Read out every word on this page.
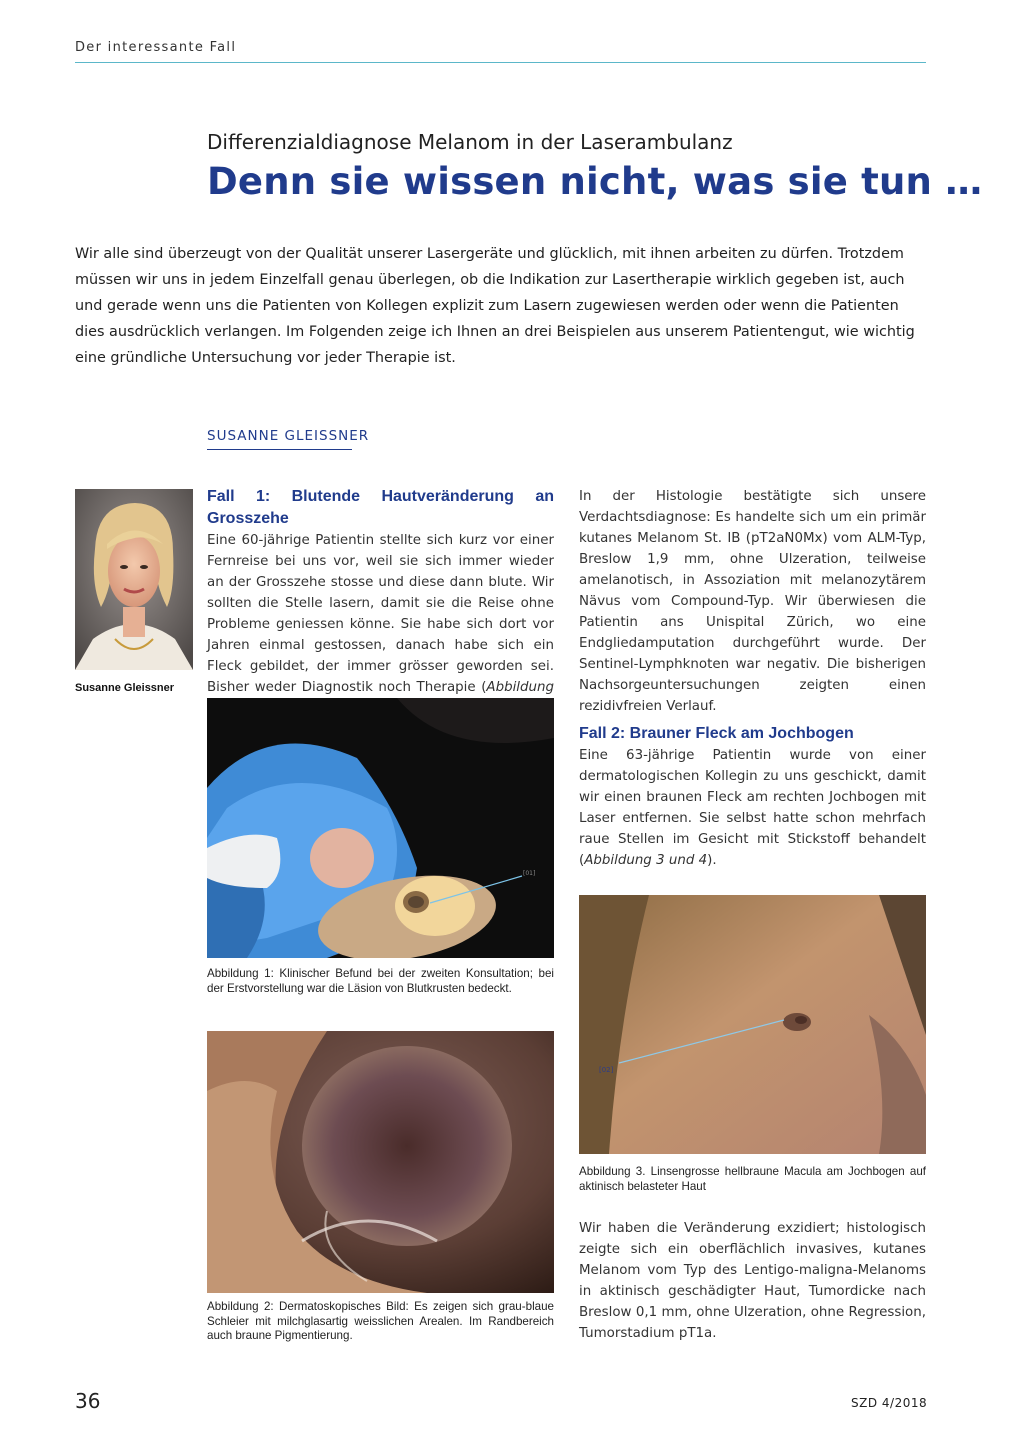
Der interessante Fall
Differenzialdiagnose Melanom in der Laserambulanz
Denn sie wissen nicht, was sie tun …
Wir alle sind überzeugt von der Qualität unserer Lasergeräte und glücklich, mit ihnen arbeiten zu dürfen. Trotzdem müssen wir uns in jedem Einzelfall genau überlegen, ob die Indikation zur Lasertherapie wirklich gegeben ist, auch und gerade wenn uns die Patienten von Kollegen explizit zum Lasern zugewiesen werden oder wenn die Patienten dies ausdrücklich verlangen. Im Folgenden zeige ich Ihnen an drei Beispielen aus unserem Patientengut, wie wichtig eine gründliche Untersuchung vor jeder Therapie ist.
SUSANNE GLEISSNER
Susanne Gleissner
Fall 1: Blutende Hautveränderung an Grosszehe
Eine 60-jährige Patientin stellte sich kurz vor einer Fernreise bei uns vor, weil sie sich immer wieder an der Grosszehe stosse und diese dann blute. Wir sollten die Stelle lasern, damit sie die Reise ohne Probleme geniessen könne. Sie habe sich dort vor Jahren einmal gestossen, danach habe sich ein Fleck gebildet, der immer grösser geworden sei. Bisher weder Diagnostik noch Therapie (Abbildung
[01]
Abbildung 1: Klinischer Befund bei der zweiten Konsultation; bei der Erstvorstellung war die Läsion von Blutkrusten bedeckt.
Abbildung 2: Dermatoskopisches Bild: Es zeigen sich grau-blaue Schleier mit milchglasartig weisslichen Arealen. Im Randbereich auch braune Pigmentierung.
In der Histologie bestätigte sich unsere Verdachtsdiagnose: Es handelte sich um ein primär kutanes Melanom St. IB (pT2aN0Mx) vom ALM-Typ, Breslow 1,9 mm, ohne Ulzeration, teilweise amelanotisch, in Assoziation mit melanozytärem Nävus vom Compound-Typ. Wir überwiesen die Patientin ans Unispital Zürich, wo eine Endgliedamputation durchgeführt wurde. Der Sentinel-Lymphknoten war negativ. Die bisherigen Nachsorgeuntersuchungen zeigten einen rezidivfreien Verlauf.
Fall 2: Brauner Fleck am Jochbogen
Eine 63-jährige Patientin wurde von einer dermatologischen Kollegin zu uns geschickt, damit wir einen braunen Fleck am rechten Jochbogen mit Laser entfernen. Sie selbst hatte schon mehrfach raue Stellen im Gesicht mit Stickstoff behandelt (Abbildung 3 und 4).
[02]
Abbildung 3. Linsengrosse hellbraune Macula am Jochbogen auf aktinisch belasteter Haut
Wir haben die Veränderung exzidiert; histologisch zeigte sich ein oberflächlich invasives, kutanes Melanom vom Typ des Lentigo-maligna-Melanoms in aktinisch geschädigter Haut, Tumordicke nach Breslow 0,1 mm, ohne Ulzeration, ohne Regression, Tumorstadium pT1a.
36	SZD 4/2018
